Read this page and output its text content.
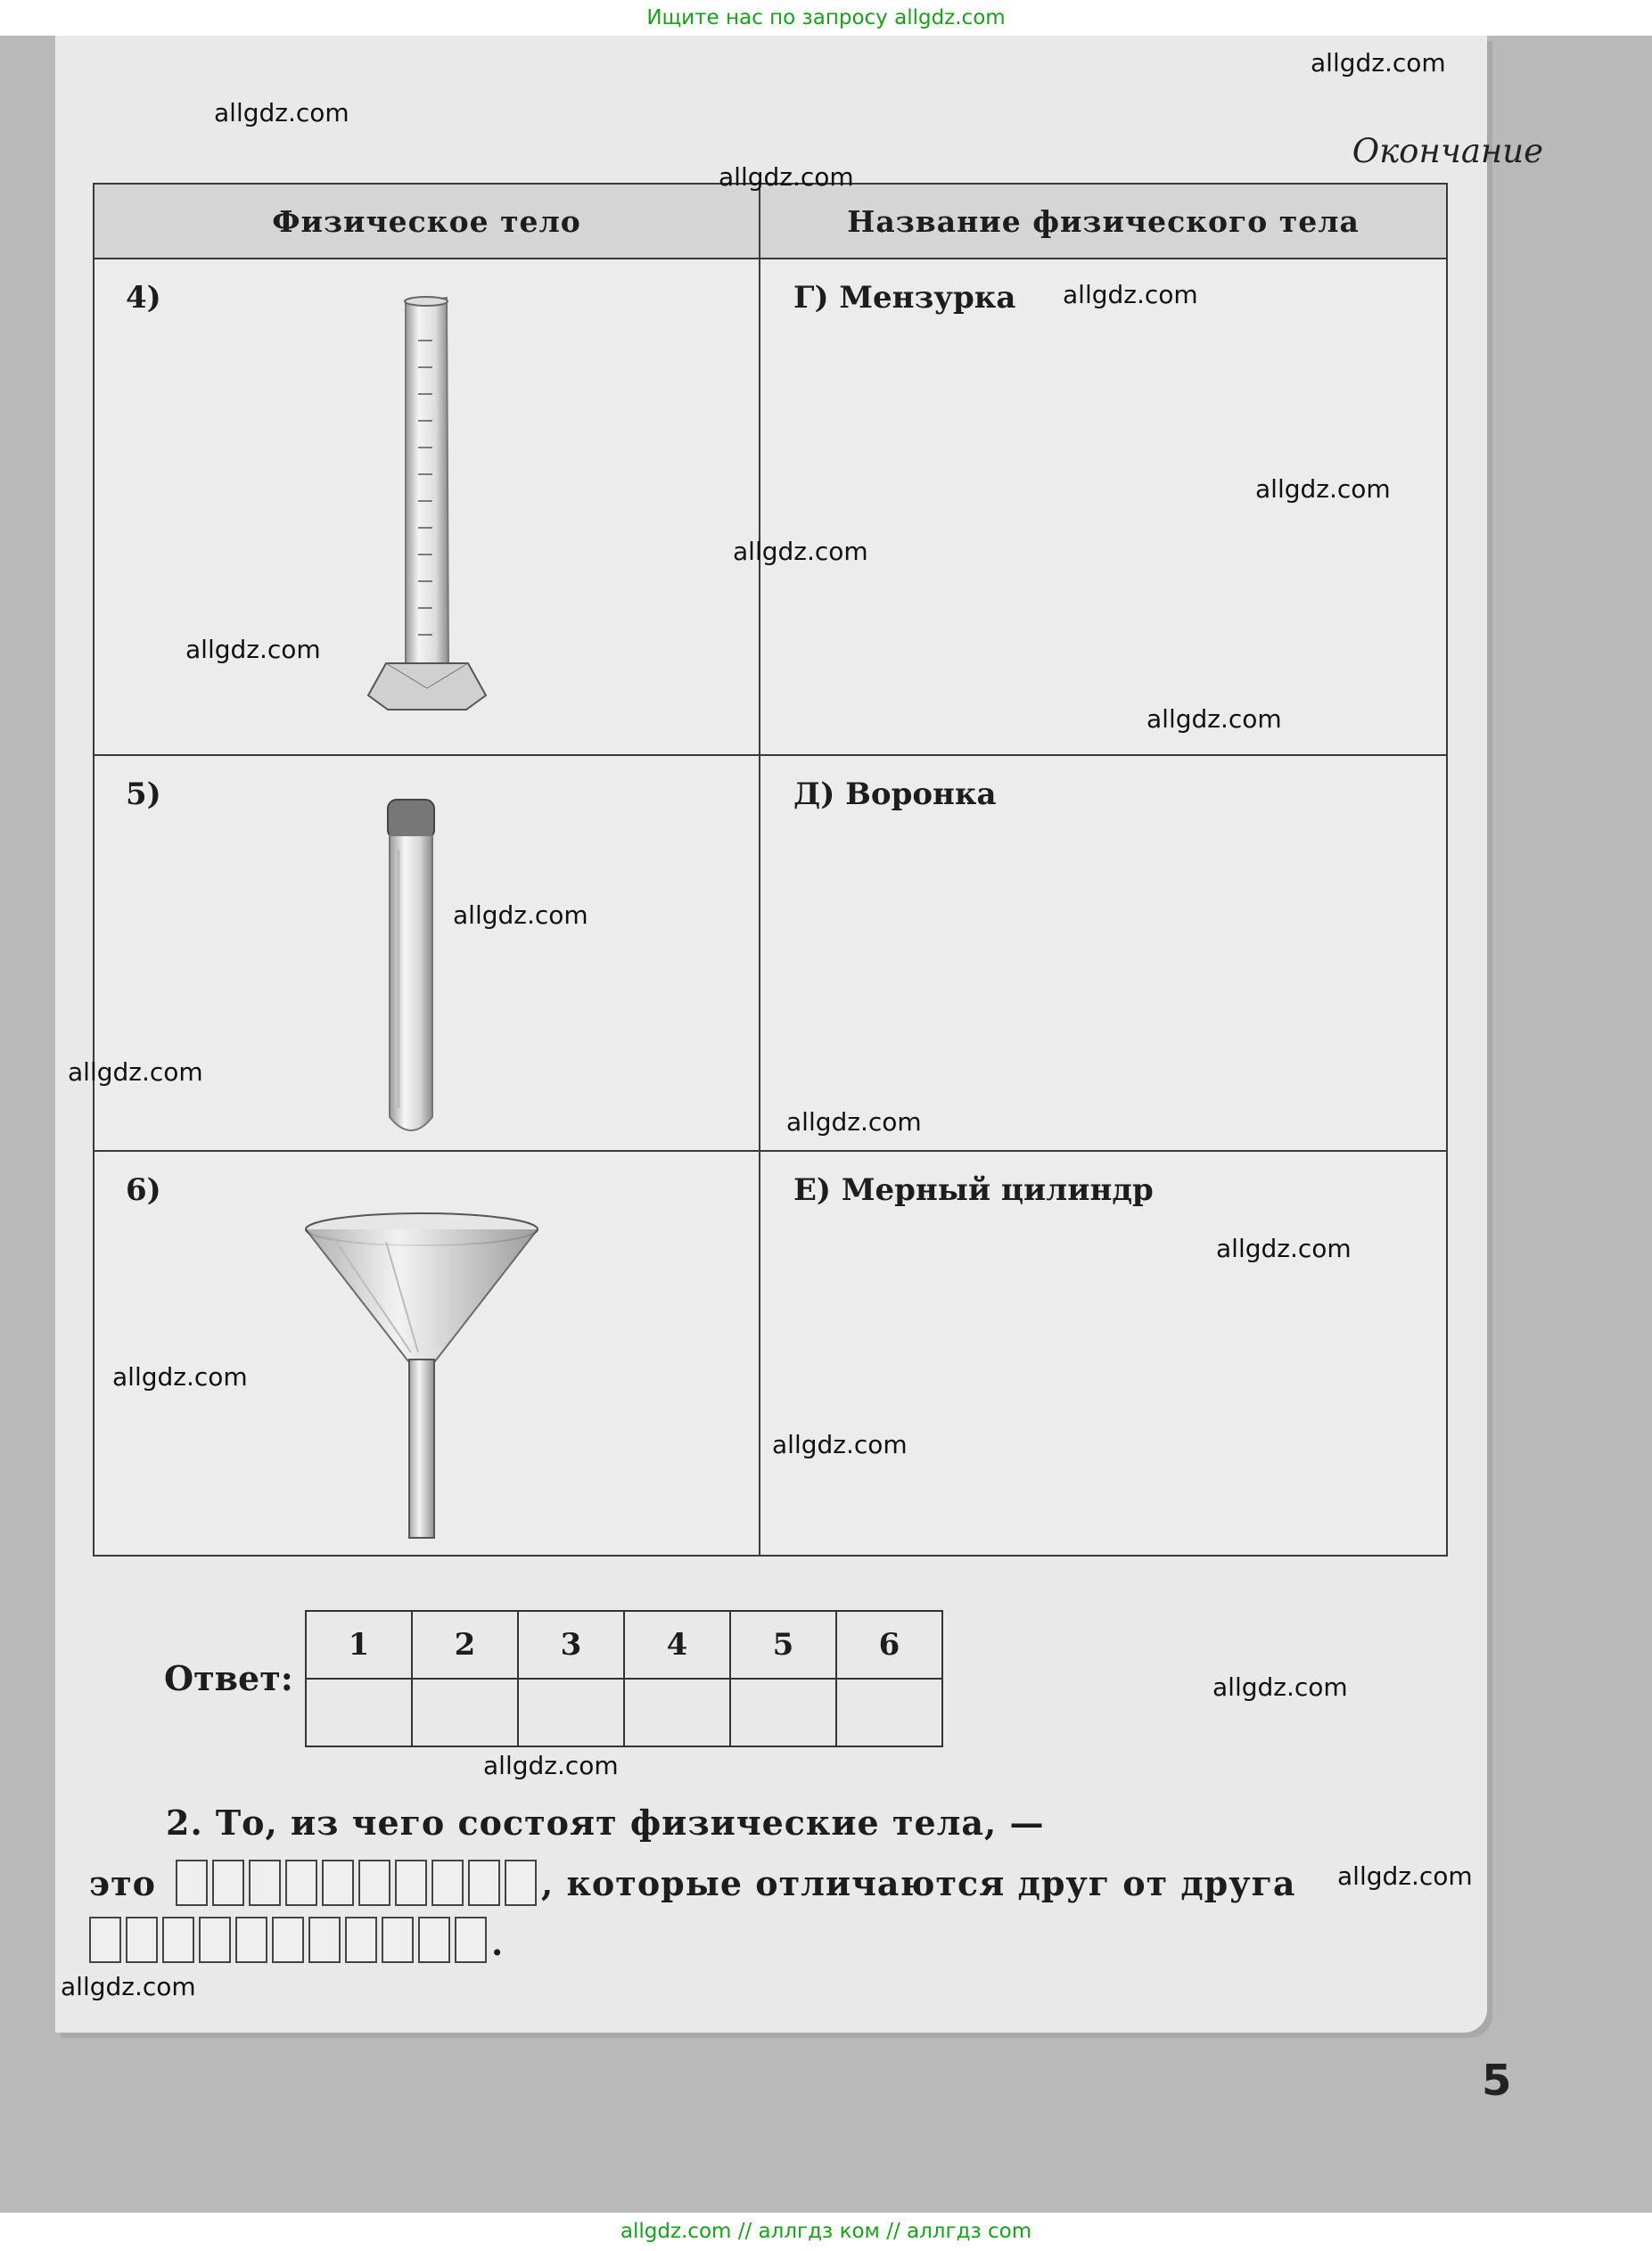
Ищите нас по запросу allgdz.com
Окончание
Физическое тело	Название физического тела

4)	Г) Мензурка

5)	Д) Воронка

6)	Е) Мерный цилиндр
Ответ:
1	2	3	4	5	6

2. То, из чего состоят физические тела, —
это	, которые отличаются друг от друга
.
5
allgdz.com
allgdz.com
allgdz.com
allgdz.com
allgdz.com
allgdz.com
allgdz.com
allgdz.com
allgdz.com
allgdz.com
allgdz.com
allgdz.com
allgdz.com
allgdz.com
allgdz.com
allgdz.com
allgdz.com
allgdz.com
allgdz.com // аллгдз ком // аллгдз com
